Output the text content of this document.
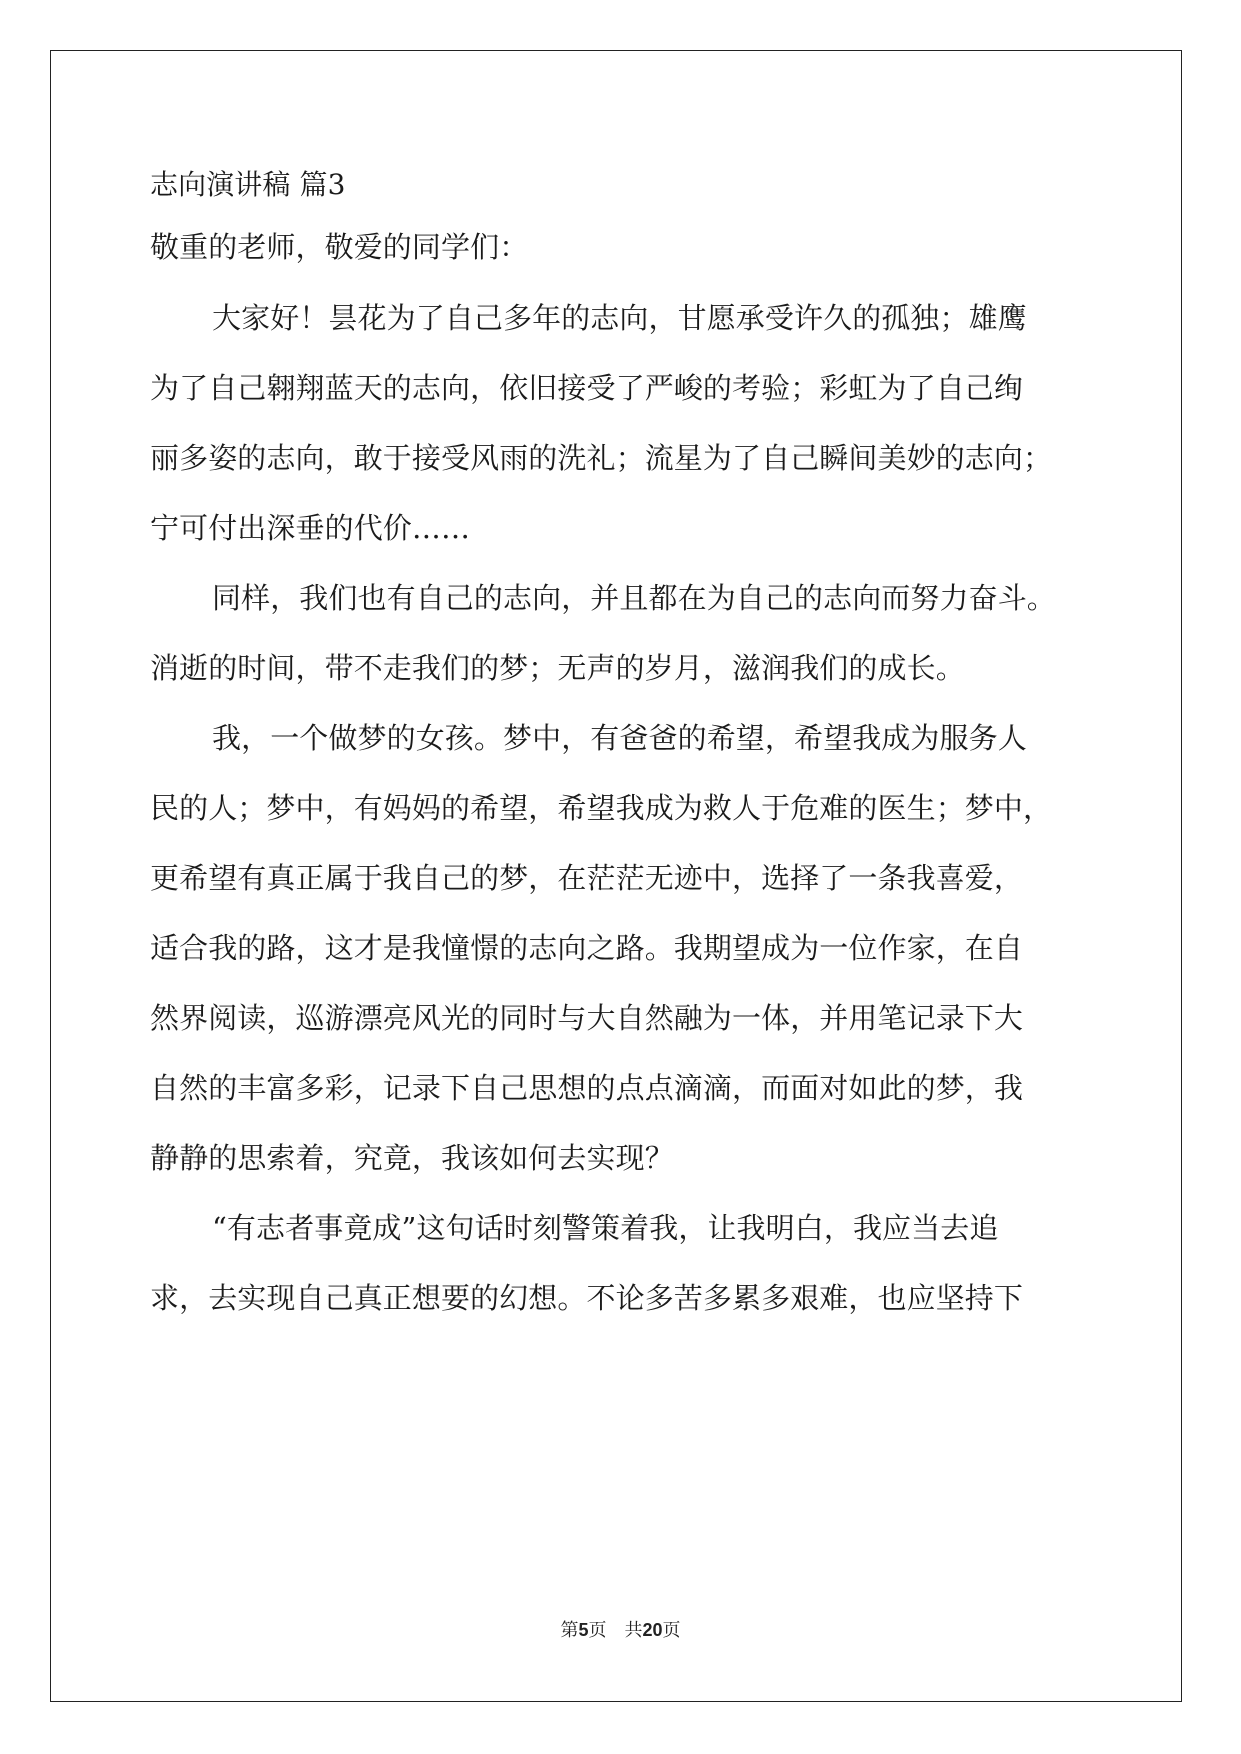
志向演讲稿 篇3
敬重的老师，敬爱的同学们：
大家好！昙花为了自己多年的志向，甘愿承受许久的孤独；雄鹰
为了自己翱翔蓝天的志向，依旧接受了严峻的考验；彩虹为了自己绚
丽多姿的志向，敢于接受风雨的洗礼；流星为了自己瞬间美妙的志向；
宁可付出深垂的代价……
同样，我们也有自己的志向，并且都在为自己的志向而努力奋斗。
消逝的时间，带不走我们的梦；无声的岁月，滋润我们的成长。
我，一个做梦的女孩。梦中，有爸爸的希望，希望我成为服务人
民的人；梦中，有妈妈的希望，希望我成为救人于危难的医生；梦中，
更希望有真正属于我自己的梦，在茫茫无迹中，选择了一条我喜爱，
适合我的路，这才是我憧憬的志向之路。我期望成为一位作家，在自
然界阅读，巡游漂亮风光的同时与大自然融为一体，并用笔记录下大
自然的丰富多彩，记录下自己思想的点点滴滴，而面对如此的梦，我
静静的思索着，究竟，我该如何去实现？
“有志者事竟成”这句话时刻警策着我，让我明白，我应当去追
求，去实现自己真正想要的幻想。不论多苦多累多艰难，也应坚持下
第5页 共20页
